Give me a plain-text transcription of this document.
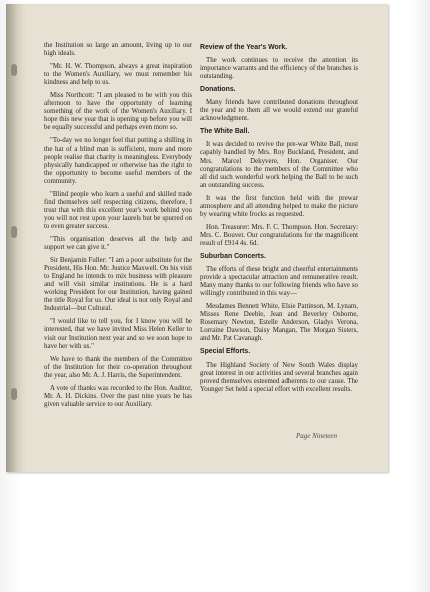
the Institution so large an amount, living up to our high ideals.

"Mr. H. W. Thompson, always a great inspiration to the Women's Auxiliary, we must remember his kindness and help to us.

Miss Northcott: "I am pleased to be with you this afternoon to have the opportunity of learning something of the work of the Women's Auxiliary. I hope this new year that is opening up before you will be equally successful and perhaps even more so.

"To-day we no longer feel that putting a shilling in the hat of a blind man is sufficient, more and more people realise that charity is meaningless. Everybody physically handicapped or otherwise has the right to the opportunity to become useful members of the community.

"Blind people who learn a useful and skilled trade find themselves self respecting citizens, therefore, I trust that with this excellent year's work behind you you will not rest upon your laurels but be spurred on to even greater success.

"This organisation deserves all the help and support we can give it."

Sir Benjamin Fuller: "I am a poor substitute for the President, His Hon. Mr. Justice Maxwell. On his visit to England he intends to mix business with pleasure and will visit similar institutions. He is a hard working President for our Institution, having gained the title Royal for us. Our ideal is not only Royal and Industrial—but Cultural.

"I would like to tell you, for I know you will be interested, that we have invited Miss Helen Keller to visit our Institution next year and so we soon hope to have her with us."

We have to thank the members of the Committee of the Institution for their co-operation throughout the year, also Mr. A. J. Harris, the Superintendent.

A vote of thanks was recorded to the Hon. Auditor, Mr. A. H. Dickins. Over the past nine years he has given valuable service to our Auxiliary.

Review of the Year's Work.

The work continues to receive the attention its importance warrants and the efficiency of the branches is outstanding.

Donations.

Many friends have contributed donations throughout the year and to them all we would extend our grateful acknowledgment.

The White Ball.

It was decided to revive the pre-war White Ball, most capably handled by Mrs. Roy Buckland, President, and Mrs. Marcel Dekyvere, Hon. Organiser. Our congratulations to the members of the Committee who all did such wonderful work helping the Ball to be such an outstanding success.

It was the first function held with the prewar atmosphere and all attending helped to make the picture by wearing white frocks as requested.

Hon. Treasurer: Mrs. F. C. Thompson. Hon. Secretary: Mrs. C. Bouvet. Our congratulations for the magnificent result of £914 4s. 6d.

Suburban Concerts.

The efforts of these bright and cheerful entertainments provide a spectacular attraction and remunerative result. Many many thanks to our following friends who have so willingly contributed in this way—

Mesdames Bennett White, Elsie Pattinson, M. Lynam, Misses Rene Deeble, Jean and Beverley Osborne, Rosemary Newton, Estelle Anderson, Gladys Verona, Lorraine Dawson, Daisy Mangan, The Morgan Sisters, and Mr. Pat Cavanagh.

Special Efforts.

The Highland Society of New South Wales display great interest in our activities and several branches again proved themselves esteemed adherents to our cause. The Younger Set held a special effort with excellent results.

Page Nineteen
